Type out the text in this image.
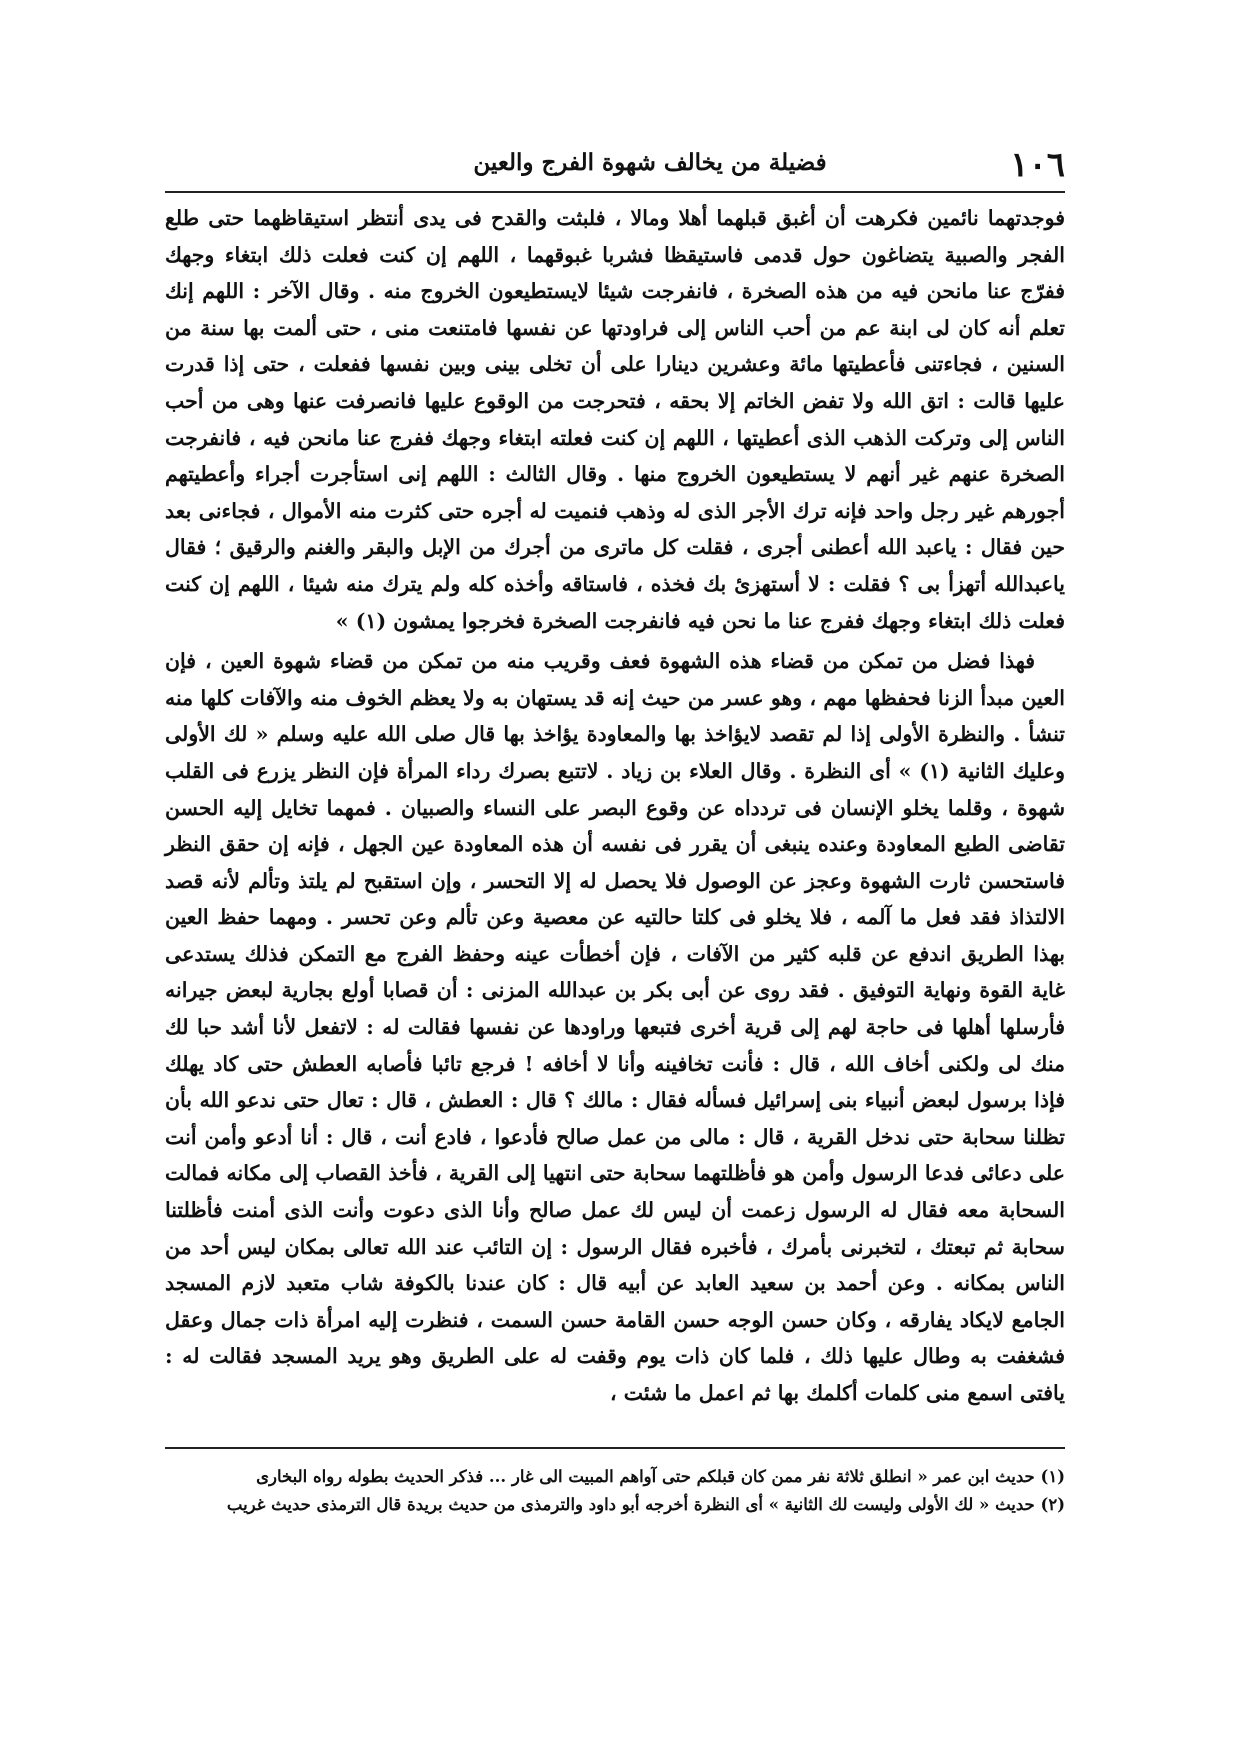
١٠٦
فضيلة من يخالف شهوة الفرج والعين

فوجدتهما نائمين فكرهت أن أغبق قبلهما أهلا ومالا ، فلبثت والقدح فى يدى أنتظر استيقاظهما حتى طلع الفجر والصبية يتضاغون حول قدمى فاستيقظا فشربا غبوقهما ، اللهم إن كنت فعلت ذلك ابتغاء وجهك ففرّج عنا مانحن فيه من هذه الصخرة ، فانفرجت شيئا لايستطيعون الخروج منه . وقال الآخر : اللهم إنك تعلم أنه كان لى ابنة عم من أحب الناس إلى فراودتها عن نفسها فامتنعت منى ، حتى ألمت بها سنة من السنين ، فجاءتنى فأعطيتها مائة وعشرين دينارا على أن تخلى بينى وبين نفسها ففعلت ، حتى إذا قدرت عليها قالت : اتق الله ولا تفض الخاتم إلا بحقه ، فتحرجت من الوقوع عليها فانصرفت عنها وهى من أحب الناس إلى وتركت الذهب الذى أعطيتها ، اللهم إن كنت فعلته ابتغاء وجهك ففرج عنا مانحن فيه ، فانفرجت الصخرة عنهم غير أنهم لا يستطيعون الخروج منها . وقال الثالث : اللهم إنى استأجرت أجراء وأعطيتهم أجورهم غير رجل واحد فإنه ترك الأجر الذى له وذهب فنميت له أجره حتى كثرت منه الأموال ، فجاءنى بعد حين فقال : ياعبد الله أعطنى أجرى ، فقلت كل ماترى من أجرك من الإبل والبقر والغنم والرقيق ؛ فقال ياعبدالله أتهزأ بى ؟ فقلت : لا أستهزئ بك فخذه ، فاستاقه وأخذه كله ولم يترك منه شيئا ، اللهم إن كنت فعلت ذلك ابتغاء وجهك ففرج عنا ما نحن فيه فانفرجت الصخرة فخرجوا يمشون (١) »

فهذا فضل من تمكن من قضاء هذه الشهوة فعف وقريب منه من تمكن من قضاء شهوة العين ، فإن العين مبدأ الزنا فحفظها مهم ، وهو عسر من حيث إنه قد يستهان به ولا يعظم الخوف منه والآفات كلها منه تنشأ . والنظرة الأولى إذا لم تقصد لايؤاخذ بها والمعاودة يؤاخذ بها قال صلى الله عليه وسلم « لك الأولى وعليك الثانية (١) » أى النظرة . وقال العلاء بن زياد . لاتتبع بصرك رداء المرأة فإن النظر يزرع فى القلب شهوة ، وقلما يخلو الإنسان فى تردداه عن وقوع البصر على النساء والصبيان . فمهما تخايل إليه الحسن تقاضى الطبع المعاودة وعنده ينبغى أن يقرر فى نفسه أن هذه المعاودة عين الجهل ، فإنه إن حقق النظر فاستحسن ثارت الشهوة وعجز عن الوصول فلا يحصل له إلا التحسر ، وإن استقبح لم يلتذ وتألم لأنه قصد الالتذاذ فقد فعل ما آلمه ، فلا يخلو فى كلتا حالتيه عن معصية وعن تألم وعن تحسر . ومهما حفظ العين بهذا الطريق اندفع عن قلبه كثير من الآفات ، فإن أخطأت عينه وحفظ الفرج مع التمكن فذلك يستدعى غاية القوة ونهاية التوفيق . فقد روى عن أبى بكر بن عبدالله المزنى : أن قصابا أولع بجارية لبعض جيرانه فأرسلها أهلها فى حاجة لهم إلى قرية أخرى فتبعها وراودها عن نفسها فقالت له : لاتفعل لأنا أشد حبا لك منك لى ولكنى أخاف الله ، قال : فأنت تخافينه وأنا لا أخافه ! فرجع تائبا فأصابه العطش حتى كاد يهلك فإذا برسول لبعض أنبياء بنى إسرائيل فسأله فقال : مالك ؟ قال : العطش ، قال : تعال حتى ندعو الله بأن تظلنا سحابة حتى ندخل القرية ، قال : مالى من عمل صالح فأدعوا ، فادع أنت ، قال : أنا أدعو وأمن أنت على دعائى فدعا الرسول وأمن هو فأظلتهما سحابة حتى انتهيا إلى القرية ، فأخذ القصاب إلى مكانه فمالت السحابة معه فقال له الرسول زعمت أن ليس لك عمل صالح وأنا الذى دعوت وأنت الذى أمنت فأظلتنا سحابة ثم تبعتك ، لتخبرنى بأمرك ، فأخبره فقال الرسول : إن التائب عند الله تعالى بمكان ليس أحد من الناس بمكانه . وعن أحمد بن سعيد العابد عن أبيه قال : كان عندنا بالكوفة شاب متعبد لازم المسجد الجامع لايكاد يفارقه ، وكان حسن الوجه حسن القامة حسن السمت ، فنظرت إليه امرأة ذات جمال وعقل فشغفت به وطال عليها ذلك ، فلما كان ذات يوم وقفت له على الطريق وهو يريد المسجد فقالت له : يافتى اسمع منى كلمات أكلمك بها ثم اعمل ما شئت ،

(١) حديث ابن عمر « انطلق ثلاثة نفر ممن كان قبلكم حتى آواهم المبيت الى غار ... فذكر الحديث بطوله رواه البخارى
(٢) حديث « لك الأولى وليست لك الثانية » أى النظرة أخرجه أبو داود والترمذى من حديث بريدة قال الترمذى حديث غريب
